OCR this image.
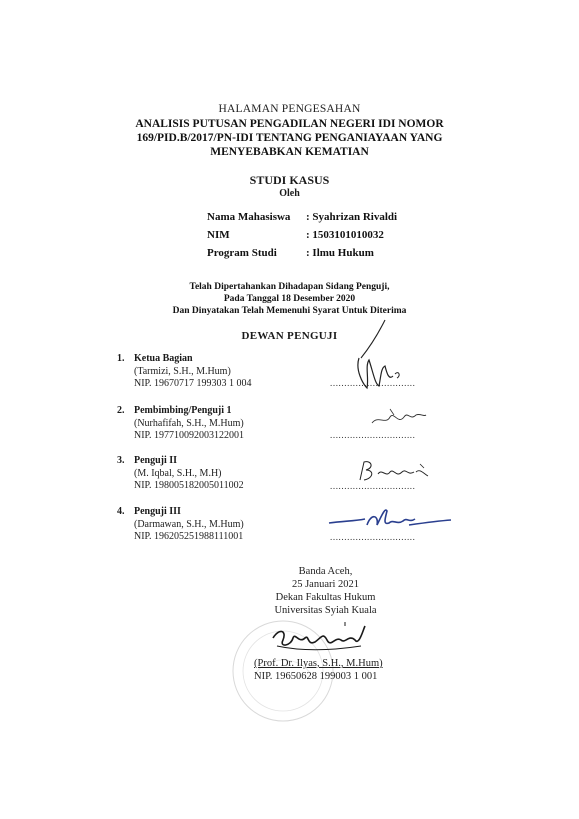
HALAMAN PENGESAHAN
ANALISIS PUTUSAN PENGADILAN NEGERI IDI NOMOR
169/PID.B/2017/PN-IDI TENTANG PENGANIAYAAN YANG
MENYEBABKAN KEMATIAN
STUDI KASUS
Oleh
Nama Mahasiswa : Syahrizan Rivaldi
NIM	: 1503101010032
Program Studi	: Ilmu Hukum
Telah Dipertahankan Dihadapan Sidang Penguji,
Pada Tanggal 18 Desember 2020
Dan Dinyatakan Telah Memenuhi Syarat Untuk Diterima
DEWAN PENGUJI
1. Ketua Bagian
(Tarmizi, S.H., M.Hum)
NIP. 19670717 199303 1 004	..............................
2. Pembimbing/Penguji 1
(Nurhafifah, S.H., M.Hum)
NIP. 197710092003122001	..............................
3. Penguji II
(M. Iqbal, S.H., M.H)
NIP. 198005182005011002	..............................
4. Penguji III
(Darmawan, S.H., M.Hum)
NIP. 196205251988111001	..............................
Banda Aceh,
25 Januari 2021
Dekan Fakultas Hukum
Universitas Syiah Kuala
(Prof. Dr. Ilyas, S.H., M.Hum)
NIP. 19650628 199003 1 001
